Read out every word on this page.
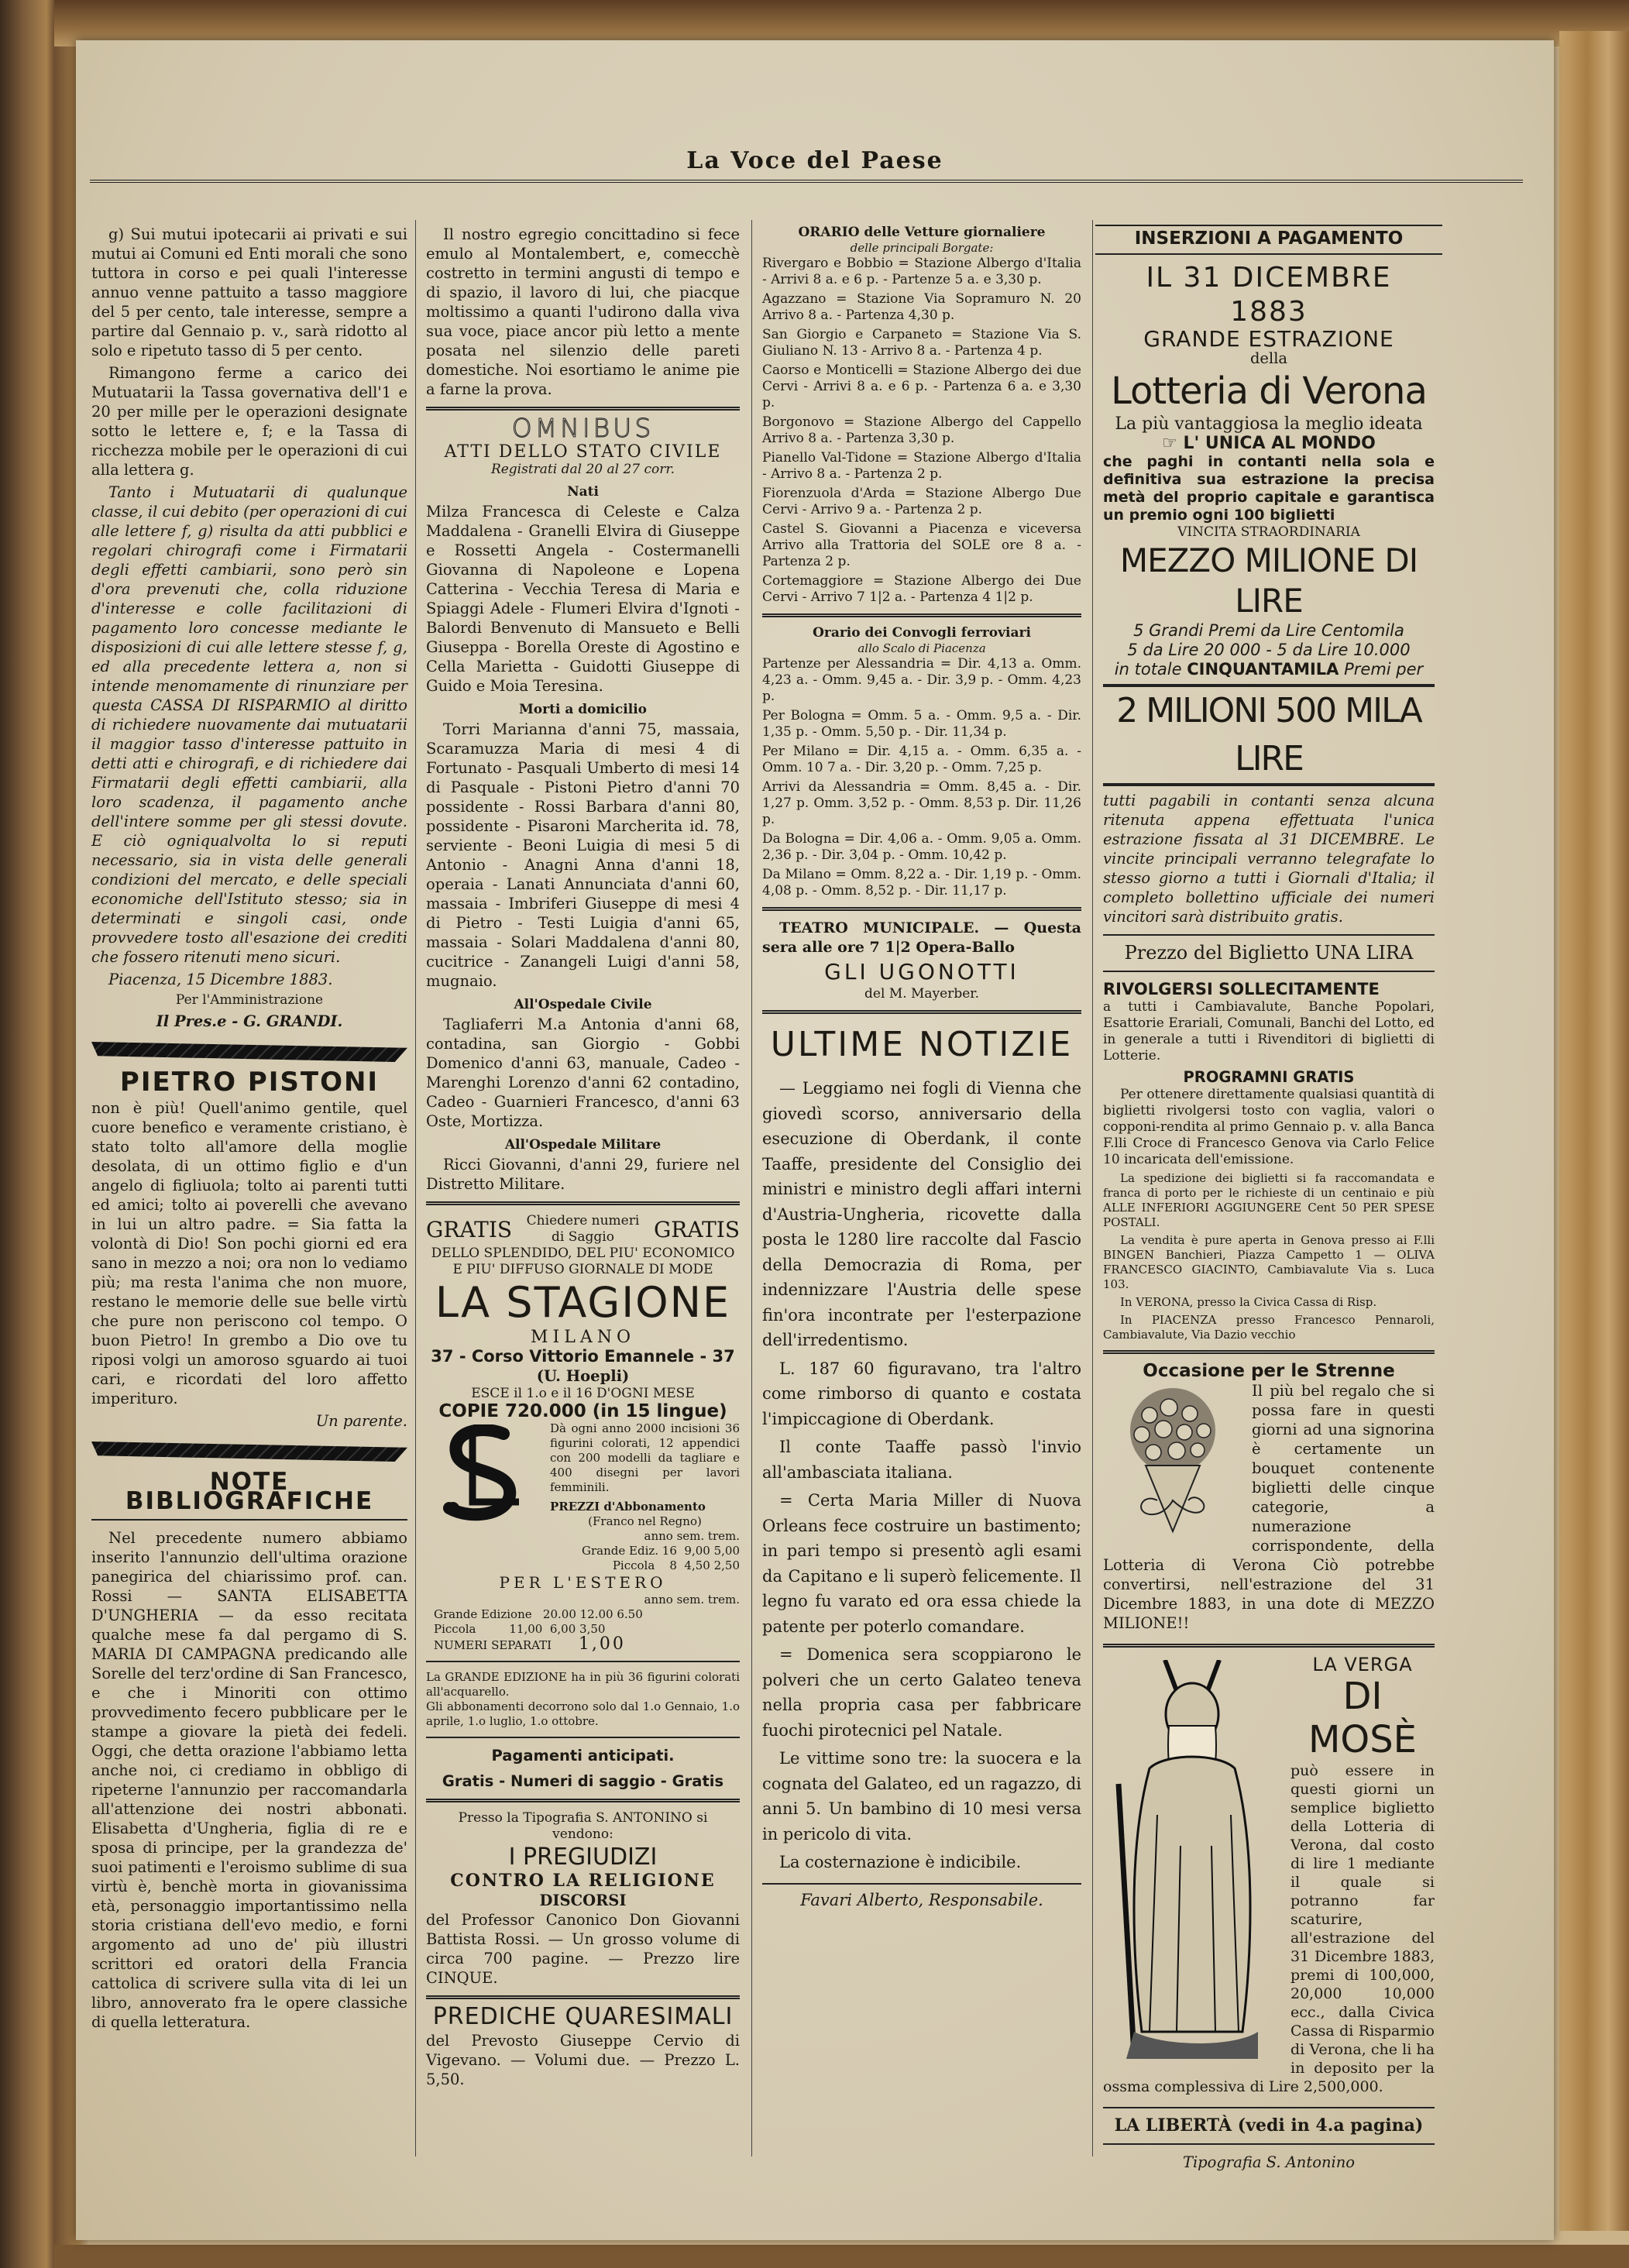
La Voce del Paese

g) Sui mutui ipotecarii ai privati e sui mutui ai Comuni ed Enti morali che sono tuttora in corso e pei quali l'interesse annuo venne pattuito a tasso maggiore del 5 per cento, tale interesse, sempre a partire dal Gennaio p. v., sarà ridotto al solo e ripetuto tasso di 5 per cento.

Rimangono ferme a carico dei Mutuatarii la Tassa governativa dell'1 e 20 per mille per le operazioni designate sotto le lettere e, f; e la Tassa di ricchezza mobile per le operazioni di cui alla lettera g.

Tanto i Mutuatarii di qualunque classe, il cui debito (per operazioni di cui alle lettere f, g) risulta da atti pubblici e regolari chirografi come i Firmatarii degli effetti cambiarii, sono però sin d'ora prevenuti che, colla riduzione d'interesse e colle facilitazioni di pagamento loro concesse mediante le disposizioni di cui alle lettere stesse f, g, ed alla precedente lettera a, non si intende menomamente di rinunziare per questa CASSA DI RISPARMIO al diritto di richiedere nuovamente dai mutuatarii il maggior tasso d'interesse pattuito in detti atti e chirografi, e di richiedere dai Firmatarii degli effetti cambiarii, alla loro scadenza, il pagamento anche dell'intere somme per gli stessi dovute. E ciò ogniqualvolta lo si reputi necessario, sia in vista delle generali condizioni del mercato, e delle speciali economiche dell'Istituto stesso; sia in determinati e singoli casi, onde provvedere tosto all'esazione dei crediti che fossero ritenuti meno sicuri.

Piacenza, 15 Dicembre 1883.

Per l'Amministrazione

Il Pres.e - G. GRANDI.

PIETRO PISTONI

non è più! Quell'animo gentile, quel cuore benefico e veramente cristiano, è stato tolto all'amore della moglie desolata, di un ottimo figlio e d'un angelo di figliuola; tolto ai parenti tutti ed amici; tolto ai poverelli che avevano in lui un altro padre. = Sia fatta la volontà di Dio! Son pochi giorni ed era sano in mezzo a noi; ora non lo vediamo più; ma resta l'anima che non muore, restano le memorie delle sue belle virtù che pure non periscono col tempo. O buon Pietro! In grembo a Dio ove tu riposi volgi un amoroso sguardo ai tuoi cari, e ricordati del loro affetto imperituro.

Un parente.

NOTE BIBLIOGRAFICHE

Nel precedente numero abbiamo inserito l'annunzio dell'ultima orazione panegirica del chiarissimo prof. can. Rossi — SANTA ELISABETTA D'UNGHERIA — da esso recitata qualche mese fa dal pergamo di S. MARIA DI CAMPAGNA predicando alle Sorelle del terz'ordine di San Francesco, e che i Minoriti con ottimo provvedimento fecero pubblicare per le stampe a giovare la pietà dei fedeli. Oggi, che detta orazione l'abbiamo letta anche noi, ci crediamo in obbligo di ripeterne l'annunzio per raccomandarla all'attenzione dei nostri abbonati. Elisabetta d'Ungheria, figlia di re e sposa di principe, per la grandezza de' suoi patimenti e l'eroismo sublime di sua virtù è, benchè morta in giovanissima età, personaggio importantissimo nella storia cristiana dell'evo medio, e forni argomento ad uno de' più illustri scrittori ed oratori della Francia cattolica di scrivere sulla vita di lei un libro, annoverato fra le opere classiche di quella letteratura.

Il nostro egregio concittadino si fece emulo al Montalembert, e, comecchè costretto in termini angusti di tempo e di spazio, il lavoro di lui, che piacque moltissimo a quanti l'udirono dalla viva sua voce, piace ancor più letto a mente posata nel silenzio delle pareti domestiche. Noi esortiamo le anime pie a farne la prova.

OMNIBUS
ATTI DELLO STATO CIVILE
Registrati dal 20 al 27 corr.
Nati

Milza Francesca di Celeste e Calza Maddalena - Granelli Elvira di Giuseppe e Rossetti Angela - Costermanelli Giovanna di Napoleone e Lopena Catterina - Vecchia Teresa di Maria e Spiaggi Adele - Flumeri Elvira d'Ignoti - Balordi Benvenuto di Mansueto e Belli Giuseppa - Borella Oreste di Agostino e Cella Marietta - Guidotti Giuseppe di Guido e Moia Teresina.

Morti a domicilio

Torri Marianna d'anni 75, massaia, Scaramuzza Maria di mesi 4 di Fortunato - Pasquali Umberto di mesi 14 di Pasquale - Pistoni Pietro d'anni 70 possidente - Rossi Barbara d'anni 80, possidente - Pisaroni Marcherita id. 78, serviente - Beoni Luigia di mesi 5 di Antonio - Anagni Anna d'anni 18, operaia - Lanati Annunciata d'anni 60, massaia - Imbriferi Giuseppe di mesi 4 di Pietro - Testi Luigia d'anni 65, massaia - Solari Maddalena d'anni 80, cucitrice - Zanangeli Luigi d'anni 58, mugnaio.

All'Ospedale Civile

Tagliaferri M.a Antonia d'anni 68, contadina, san Giorgio - Gobbi Domenico d'anni 63, manuale, Cadeo - Marenghi Lorenzo d'anni 62 contadino, Cadeo - Guarnieri Francesco, d'anni 63 Oste, Mortizza.

All'Ospedale Militare

Ricci Giovanni, d'anni 29, furiere nel Distretto Militare.

GRATIS	Chiedere numeri di Saggio	GRATIS
DELLO SPLENDIDO, DEL PIU' ECONOMICO E PIU' DIFFUSO GIORNALE DI MODE
LA STAGIONE
MILANO
37 - Corso Vittorio Emannele - 37
(U. Hoepli)
ESCE il 1.o e il 16 D'OGNI MESE
COPIE 720.000 (in 15 lingue)
Dà ogni anno 2000 incisioni 36 figurini colorati, 12 appendici con 200 modelli da tagliare e 400 disegni per lavori femminili.
PREZZI d'Abbonamento
(Franco nel Regno)
anno sem. trem.
Grande Ediz. 16  9,00 5,00
Piccola    8  4,50 2,50
PER L'ESTERO
anno sem. trem.
Grande Edizione   20.00 12.00 6.50
Piccola         11,00  6,00 3,50
NUMERI SEPARATI 1,00
La GRANDE EDIZIONE ha in più 36 figurini colorati all'acquarello.
Gli abbonamenti decorrono solo dal 1.o Gennaio, 1.o aprile, 1.o luglio, 1.o ottobre.
Pagamenti anticipati.
Gratis - Numeri di saggio - Gratis
Presso la Tipografia S. ANTONINO si vendono:
I PREGIUDIZI
CONTRO LA RELIGIONE
DISCORSI

del Professor Canonico Don Giovanni Battista Rossi. — Un grosso volume di circa 700 pagine. — Prezzo lire CINQUE.

PREDICHE QUARESIMALI

del Prevosto Giuseppe Cervio di Vigevano. — Volumi due. — Prezzo L. 5,50.

ORARIO delle Vetture giornaliere
delle principali Borgate:

Rivergaro e Bobbio = Stazione Albergo d'Italia - Arrivi 8 a. e 6 p. - Partenze 5 a. e 3,30 p.

Agazzano = Stazione Via Sopramuro N. 20 Arrivo 8 a. - Partenza 4,30 p.

San Giorgio e Carpaneto = Stazione Via S. Giuliano N. 13 - Arrivo 8 a. - Partenza 4 p.

Caorso e Monticelli = Stazione Albergo dei due Cervi - Arrivi 8 a. e 6 p. - Partenza 6 a. e 3,30 p.

Borgonovo = Stazione Albergo del Cappello Arrivo 8 a. - Partenza 3,30 p.

Pianello Val-Tidone = Stazione Albergo d'Italia - Arrivo 8 a. - Partenza 2 p.

Fiorenzuola d'Arda = Stazione Albergo Due Cervi - Arrivo 9 a. - Partenza 2 p.

Castel S. Giovanni a Piacenza e viceversa Arrivo alla Trattoria del SOLE ore 8 a. - Partenza 2 p.

Cortemaggiore = Stazione Albergo dei Due Cervi - Arrivo 7 1|2 a. - Partenza 4 1|2 p.

Orario dei Convogli ferroviari
allo Scalo di Piacenza

Partenze per Alessandria = Dir. 4,13 a. Omm. 4,23 a. - Omm. 9,45 a. - Dir. 3,9 p. - Omm. 4,23 p.

Per Bologna = Omm. 5 a. - Omm. 9,5 a. - Dir. 1,35 p. - Omm. 5,50 p. - Dir. 11,34 p.

Per Milano = Dir. 4,15 a. - Omm. 6,35 a. - Omm. 10 7 a. - Dir. 3,20 p. - Omm. 7,25 p.

Arrivi da Alessandria = Omm. 8,45 a. - Dir. 1,27 p. Omm. 3,52 p. - Omm. 8,53 p. Dir. 11,26 p.

Da Bologna = Dir. 4,06 a. - Omm. 9,05 a. Omm. 2,36 p. - Dir. 3,04 p. - Omm. 10,42 p.

Da Milano = Omm. 8,22 a. - Dir. 1,19 p. - Omm. 4,08 p. - Omm. 8,52 p. - Dir. 11,17 p.

TEATRO MUNICIPALE. — Questa sera alle ore 7 1|2 Opera-Ballo

GLI UGONOTTI
del M. Mayerber.
ULTIME NOTIZIE

— Leggiamo nei fogli di Vienna che giovedì scorso, anniversario della esecuzione di Oberdank, il conte Taaffe, presidente del Consiglio dei ministri e ministro degli affari interni d'Austria-Ungheria, ricovette dalla posta le 1280 lire raccolte dal Fascio della Democrazia di Roma, per indennizzare l'Austria delle spese fin'ora incontrate per l'esterpazione dell'irredentismo.

L. 187 60 figuravano, tra l'altro come rimborso di quanto e costata l'impiccagione di Oberdank.

Il conte Taaffe passò l'invio all'ambasciata italiana.

= Certa Maria Miller di Nuova Orleans fece costruire un bastimento; in pari tempo si presentò agli esami da Capitano e li superò felicemente. Il legno fu varato ed ora essa chiede la patente per poterlo comandare.

= Domenica sera scoppiarono le polveri che un certo Galateo teneva nella propria casa per fabbricare fuochi pirotecnici pel Natale.

Le vittime sono tre: la suocera e la cognata del Galateo, ed un ragazzo, di anni 5. Un bambino di 10 mesi versa in pericolo di vita.

La costernazione è indicibile.

Favari Alberto, Responsabile.
INSERZIONI A PAGAMENTO
IL 31 DICEMBRE 1883
GRANDE ESTRAZIONE
della
Lotteria di Verona
La più vantaggiosa la meglio ideata
☞ L' UNICA AL MONDO
che paghi in contanti nella sola e definitiva sua estrazione la precisa metà del proprio capitale e garantisca un premio ogni 100 biglietti
VINCITA STRAORDINARIA
MEZZO MILIONE DI LIRE
5 Grandi Premi da Lire Centomila
5 da Lire 20 000 - 5 da Lire 10.000
in totale CINQUANTAMILA Premi per
2 MILIONI 500 MILA LIRE

tutti pagabili in contanti senza alcuna ritenuta appena effettuata l'unica estrazione fissata al 31 DICEMBRE. Le vincite principali verranno telegrafate lo stesso giorno a tutti i Giornali d'Italia; il completo bollettino ufficiale dei numeri vincitori sarà distribuito gratis.

Prezzo del Biglietto UNA LIRA
RIVOLGERSI SOLLECITAMENTE

a tutti i Cambiavalute, Banche Popolari, Esattorie Erariali, Comunali, Banchi del Lotto, ed in generale a tutti i Rivenditori di biglietti di Lotterie.

PROGRAMNI GRATIS

Per ottenere direttamente qualsiasi quantità di biglietti rivolgersi tosto con vaglia, valori o copponi-rendita al primo Gennaio p. v. alla Banca F.lli Croce di Francesco Genova via Carlo Felice 10 incaricata dell'emissione.

La spedizione dei biglietti si fa raccomandata e franca di porto per le richieste di un centinaio e più ALLE INFERIORI AGGIUNGERE Cent 50 PER SPESE POSTALI.

La vendita è pure aperta in Genova presso ai F.lli BINGEN Banchieri, Piazza Campetto 1 — OLIVA FRANCESCO GIACINTO, Cambiavalute Via s. Luca 103.

In VERONA, presso la Civica Cassa di Risp.

In PIACENZA presso Francesco Pennaroli, Cambiavalute, Via Dazio vecchio

Occasione per le Strenne

Il più bel regalo che si possa fare in questi giorni ad una signorina è certamente un bouquet contenente biglietti delle cinque categorie, a numerazione corrispondente, della Lotteria di Verona Ciò potrebbe convertirsi, nell'estrazione del 31 Dicembre 1883, in una dote di MEZZO MILIONE!!

LA VERGA
DI MOSÈ

può essere in questi giorni un semplice biglietto della Lotteria di Verona, dal costo di lire 1 mediante il quale si potranno far scaturire, all'estrazione del 31 Dicembre 1883, premi di 100,000, 20,000 10,000 ecc., dalla Civica Cassa di Risparmio di Verona, che li ha in deposito per la ossma complessiva di Lire 2,500,000.

LA LIBERTÀ (vedi in 4.a pagina)
Tipografia S. Antonino
